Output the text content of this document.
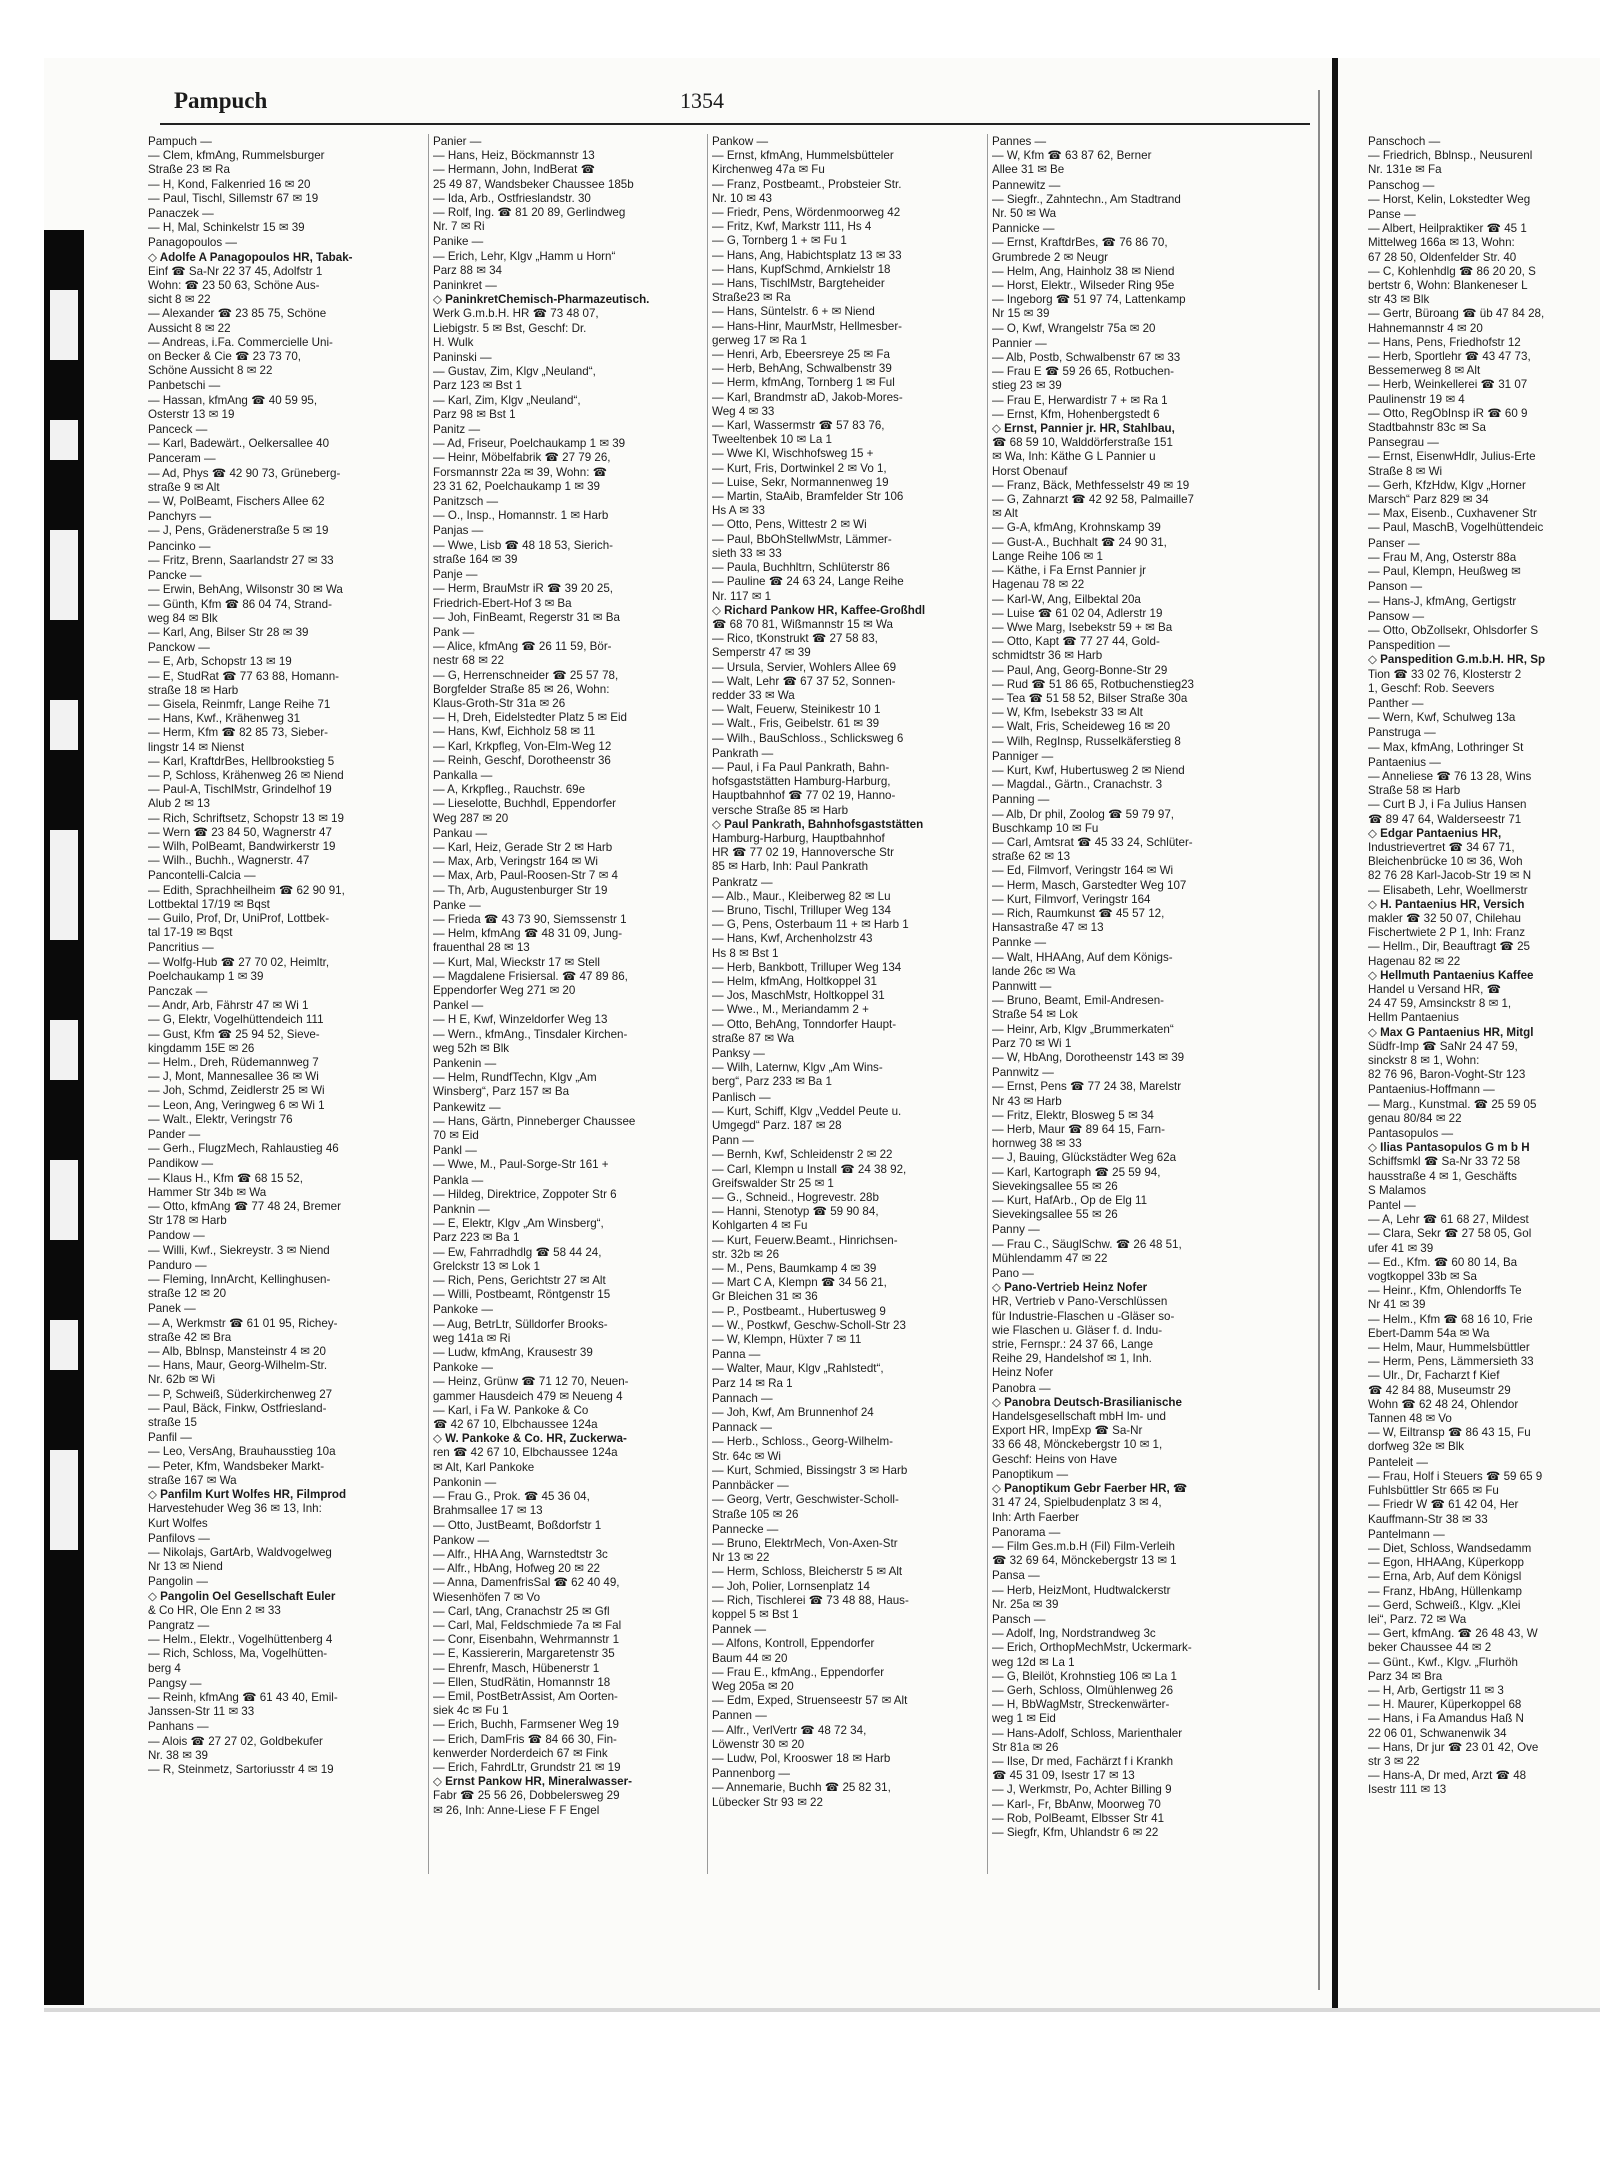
Pampuch	1354
Pampuch —
— Clem, kfmAng, Rummelsburger
Straße 23 ✉ Ra
— H, Kond, Falkenried 16 ✉ 20
— Paul, Tischl, Sillemstr 67 ✉ 19
Panaczek —
— H, Mal, Schinkelstr 15 ✉ 39
Panagopoulos —
◇ Adolfe A Panagopoulos HR, Tabak-
Einf ☎ Sa-Nr 22 37 45, Adolfstr 1
Wohn: ☎ 23 50 63, Schöne Aus-
sicht 8 ✉ 22
— Alexander ☎ 23 85 75, Schöne
Aussicht 8 ✉ 22
— Andreas, i.Fa. Commercielle Uni-
on Becker & Cie ☎ 23 73 70,
Schöne Aussicht 8 ✉ 22
Panbetschi —
— Hassan, kfmAng ☎ 40 59 95,
Osterstr 13 ✉ 19
Panceck —
— Karl, Badewärt., Oelkersallee 40
Panceram —
— Ad, Phys ☎ 42 90 73, Grüneberg-
straße 9 ✉ Alt
— W, PolBeamt, Fischers Allee 62
Panchyrs —
— J, Pens, Grädenerstraße 5 ✉ 19
Pancinko —
— Fritz, Brenn, Saarlandstr 27 ✉ 33
Pancke —
— Erwin, BehAng, Wilsonstr 30 ✉ Wa
— Günth, Kfm ☎ 86 04 74, Strand-
weg 84 ✉ Blk
— Karl, Ang, Bilser Str 28 ✉ 39
Panckow —
— E, Arb, Schopstr 13 ✉ 19
— E, StudRat ☎ 77 63 88, Homann-
straße 18 ✉ Harb
— Gisela, Reinmfr, Lange Reihe 71
— Hans, Kwf., Krähenweg 31
— Herm, Kfm ☎ 82 85 73, Sieber-
lingstr 14 ✉ Nienst
— Karl, KraftdrBes, Hellbrookstieg 5
— P, Schloss, Krähenweg 26 ✉ Niend
— Paul-A, TischlMstr, Grindelhof 19
Alub 2 ✉ 13
— Rich, Schriftsetz, Schopstr 13 ✉ 19
— Wern ☎ 23 84 50, Wagnerstr 47
— Wilh, PolBeamt, Bandwirkerstr 19
— Wilh., Buchh., Wagnerstr. 47
Pancontelli-Calcia —
— Edith, Sprachheilheim ☎ 62 90 91,
Lottbektal 17/19 ✉ Bqst
— Guilo, Prof, Dr, UniProf, Lottbek-
tal 17-19 ✉ Bqst
Pancritius —
— Wolfg-Hub ☎ 27 70 02, Heimltr,
Poelchaukamp 1 ✉ 39
Panczak —
— Andr, Arb, Fährstr 47 ✉ Wi 1
— G, Elektr, Vogelhüttendeich 111
— Gust, Kfm ☎ 25 94 52, Sieve-
kingdamm 15E ✉ 26
— Helm., Dreh, Rüdemannweg 7
— J, Mont, Mannesallee 36 ✉ Wi
— Joh, Schmd, Zeidlerstr 25 ✉ Wi
— Leon, Ang, Veringweg 6 ✉ Wi 1
— Walt., Elektr, Veringstr 76
Pander —
— Gerh., FlugzMech, Rahlaustieg 46
Pandikow —
— Klaus H., Kfm ☎ 68 15 52,
Hammer Str 34b ✉ Wa
— Otto, kfmAng ☎ 77 48 24, Bremer
Str 178 ✉ Harb
Pandow —
— Willi, Kwf., Siekreystr. 3 ✉ Niend
Panduro —
— Fleming, InnArcht, Kellinghusen-
straße 12 ✉ 20
Panek —
— A, Werkmstr ☎ 61 01 95, Richey-
straße 42 ✉ Bra
— Alb, Bblnsp, Mansteinstr 4 ✉ 20
— Hans, Maur, Georg-Wilhelm-Str.
Nr. 62b ✉ Wi
— P, Schweiß, Süderkirchenweg 27
— Paul, Bäck, Finkw, Ostfriesland-
straße 15
Panfil —
— Leo, VersAng, Brauhausstieg 10a
— Peter, Kfm, Wandsbeker Markt-
straße 167 ✉ Wa
◇ Panfilm Kurt Wolfes HR, Filmprod
Harvestehuder Weg 36 ✉ 13, Inh:
Kurt Wolfes
Panfilovs —
— Nikolajs, GartArb, Waldvogelweg
Nr 13 ✉ Niend
Pangolin —
◇ Pangolin Oel Gesellschaft Euler
& Co HR, Ole Enn 2 ✉ 33
Pangratz —
— Helm., Elektr., Vogelhüttenberg 4
— Rich, Schloss, Ma, Vogelhütten-
berg 4
Pangsy —
— Reinh, kfmAng ☎ 61 43 40, Emil-
Janssen-Str 11 ✉ 33
Panhans —
— Alois ☎ 27 27 02, Goldbekufer
Nr. 38 ✉ 39
— R, Steinmetz, Sartoriusstr 4 ✉ 19
Panier —
— Hans, Heiz, Böckmannstr 13
— Hermann, John, IndBerat ☎
25 49 87, Wandsbeker Chaussee 185b
— Ida, Arb., Ostfrieslandstr. 30
— Rolf, Ing. ☎ 81 20 89, Gerlindweg
Nr. 7 ✉ Ri
Panike —
— Erich, Lehr, Klgv „Hamm u Horn“
Parz 88 ✉ 34
Paninkret —
◇ PaninkretChemisch-Pharmazeutisch.
Werk G.m.b.H. HR ☎ 73 48 07,
Liebigstr. 5 ✉ Bst, Geschf: Dr.
H. Wulk
Paninski —
— Gustav, Zim, Klgv „Neuland“,
Parz 123 ✉ Bst 1
— Karl, Zim, Klgv „Neuland“,
Parz 98 ✉ Bst 1
Panitz —
— Ad, Friseur, Poelchaukamp 1 ✉ 39
— Heinr, Möbelfabrik ☎ 27 79 26,
Forsmannstr 22a ✉ 39, Wohn: ☎
23 31 62, Poelchaukamp 1 ✉ 39
Panitzsch —
— O., Insp., Homannstr. 1 ✉ Harb
Panjas —
— Wwe, Lisb ☎ 48 18 53, Sierich-
straße 164 ✉ 39
Panje —
— Herm, BrauMstr iR ☎ 39 20 25,
Friedrich-Ebert-Hof 3 ✉ Ba
— Joh, FinBeamt, Regerstr 31 ✉ Ba
Pank —
— Alice, kfmAng ☎ 26 11 59, Bör-
nestr 68 ✉ 22
— G, Herrenschneider ☎ 25 57 78,
Borgfelder Straße 85 ✉ 26, Wohn:
Klaus-Groth-Str 31a ✉ 26
— H, Dreh, Eidelstedter Platz 5 ✉ Eid
— Hans, Kwf, Eichholz 58 ✉ 11
— Karl, Krkpfleg, Von-Elm-Weg 12
— Reinh, Geschf, Dorotheenstr 36
Pankalla —
— A, Krkpfleg., Rauchstr. 69e
— Lieselotte, Buchhdl, Eppendorfer
Weg 287 ✉ 20
Pankau —
— Karl, Heiz, Gerade Str 2 ✉ Harb
— Max, Arb, Veringstr 164 ✉ Wi
— Max, Arb, Paul-Roosen-Str 7 ✉ 4
— Th, Arb, Augustenburger Str 19
Panke —
— Frieda ☎ 43 73 90, Siemssenstr 1
— Helm, kfmAng ☎ 48 31 09, Jung-
frauenthal 28 ✉ 13
— Kurt, Mal, Wieckstr 17 ✉ Stell
— Magdalene Frisiersal. ☎ 47 89 86,
Eppendorfer Weg 271 ✉ 20
Pankel —
— H E, Kwf, Winzeldorfer Weg 13
— Wern., kfmAng., Tinsdaler Kirchen-
weg 52h ✉ Blk
Pankenin —
— Helm, RundfTechn, Klgv „Am
Winsberg“, Parz 157 ✉ Ba
Pankewitz —
— Hans, Gärtn, Pinneberger Chaussee
70 ✉ Eid
Pankl —
— Wwe, M., Paul-Sorge-Str 161 +
Pankla —
— Hildeg, Direktrice, Zoppoter Str 6
Panknin —
— E, Elektr, Klgv „Am Winsberg“,
Parz 223 ✉ Ba 1
— Ew, Fahrradhdlg ☎ 58 44 24,
Grelckstr 13 ✉ Lok 1
— Rich, Pens, Gerichtstr 27 ✉ Alt
— Willi, Postbeamt, Röntgenstr 15
Pankoke —
— Aug, BetrLtr, Sülldorfer Brooks-
weg 141a ✉ Ri
— Ludw, kfmAng, Krausestr 39
Pankoke —
— Heinz, Grünw ☎ 71 12 70, Neuen-
gammer Hausdeich 479 ✉ Neueng 4
— Karl, i Fa W. Pankoke & Co
☎ 42 67 10, Elbchaussee 124a
◇ W. Pankoke & Co. HR, Zuckerwa-
ren ☎ 42 67 10, Elbchaussee 124a
✉ Alt, Karl Pankoke
Pankonin —
— Frau G., Prok. ☎ 45 36 04,
Brahmsallee 17 ✉ 13
— Otto, JustBeamt, Boßdorfstr 1
Pankow —
— Alfr., HHA Ang, Warnstedtstr 3c
— Alfr., HbAng, Hofweg 20 ✉ 22
— Anna, DamenfrisSal ☎ 62 40 49,
Wiesenhöfen 7 ✉ Vo
— Carl, tAng, Cranachstr 25 ✉ Gfl
— Carl, Mal, Feldschmiede 7a ✉ Fal
— Conr, Eisenbahn, Wehrmannstr 1
— E, Kassiererin, Margaretenstr 35
— Ehrenfr, Masch, Hübenerstr 1
— Ellen, StudRätin, Homannstr 18
— Emil, PostBetrAssist, Am Oorten-
siek 4c ✉ Fu 1
— Erich, Buchh, Farmsener Weg 19
— Erich, DamFris ☎ 84 66 30, Fin-
kenwerder Norderdeich 67 ✉ Fink
— Erich, FahrdLtr, Grundstr 21 ✉ 19
◇ Ernst Pankow HR, Mineralwasser-
Fabr ☎ 25 56 26, Dobbelersweg 29
✉ 26, Inh: Anne-Liese F F Engel
Pankow —
— Ernst, kfmAng, Hummelsbütteler
Kirchenweg 47a ✉ Fu
— Franz, Postbeamt., Probsteier Str.
Nr. 10 ✉ 43
— Friedr, Pens, Wördenmoorweg 42
— Fritz, Kwf, Markstr 111, Hs 4
— G, Tornberg 1 + ✉ Fu 1
— Hans, Ang, Habichtsplatz 13 ✉ 33
— Hans, KupfSchmd, Arnkielstr 18
— Hans, TischlMstr, Bargteheider
Straße23 ✉ Ra
— Hans, Süntelstr. 6 + ✉ Niend
— Hans-Hinr, MaurMstr, Hellmesber-
gerweg 17 ✉ Ra 1
— Henri, Arb, Ebeersreye 25 ✉ Fa
— Herb, BehAng, Schwalbenstr 39
— Herm, kfmAng, Tornberg 1 ✉ Ful
— Karl, Brandmstr aD, Jakob-Mores-
Weg 4 ✉ 33
— Karl, Wassermstr ☎ 57 83 76,
Tweeltenbek 10 ✉ La 1
— Wwe Kl, Wischhofsweg 15 +
— Kurt, Fris, Dortwinkel 2 ✉ Vo 1,
— Luise, Sekr, Normannenweg 19
— Martin, StaAib, Bramfelder Str 106
Hs A ✉ 33
— Otto, Pens, Wittestr 2 ✉ Wi
— Paul, BbOhStellwMstr, Lämmer-
sieth 33 ✉ 33
— Paula, Buchhltrn, Schlüterstr 86
— Pauline ☎ 24 63 24, Lange Reihe
Nr. 117 ✉ 1
◇ Richard Pankow HR, Kaffee-Großhdl
☎ 68 70 81, Wißmannstr 15 ✉ Wa
— Rico, tKonstrukt ☎ 27 58 83,
Semperstr 47 ✉ 39
— Ursula, Servier, Wohlers Allee 69
— Walt, Lehr ☎ 67 37 52, Sonnen-
redder 33 ✉ Wa
— Walt, Feuerw, Steinikestr 10 1
— Walt., Fris, Geibelstr. 61 ✉ 39
— Wilh., BauSchloss., Schlicksweg 6
Pankrath —
— Paul, i Fa Paul Pankrath, Bahn-
hofsgaststätten Hamburg-Harburg,
Hauptbahnhof ☎ 77 02 19, Hanno-
versche Straße 85 ✉ Harb
◇ Paul Pankrath, Bahnhofsgaststätten
Hamburg-Harburg, Hauptbahnhof
HR ☎ 77 02 19, Hannoversche Str
85 ✉ Harb, Inh: Paul Pankrath
Pankratz —
— Alb., Maur., Kleiberweg 82 ✉ Lu
— Bruno, Tischl, Trilluper Weg 134
— G, Pens, Osterbaum 11 + ✉ Harb 1
— Hans, Kwf, Archenholzstr 43
Hs 8 ✉ Bst 1
— Herb, Bankbott, Trilluper Weg 134
— Helm, kfmAng, Holtkoppel 31
— Jos, MaschMstr, Holtkoppel 31
— Wwe., M., Meriandamm 2 +
— Otto, BehAng, Tonndorfer Haupt-
straße 87 ✉ Wa
Panksy —
— Wilh, Laternw, Klgv „Am Wins-
berg“, Parz 233 ✉ Ba 1
Panlisch —
— Kurt, Schiff, Klgv „Veddel Peute u.
Umgegd“ Parz. 187 ✉ 28
Pann —
— Bernh, Kwf, Schleidenstr 2 ✉ 22
— Carl, Klempn u Install ☎ 24 38 92,
Greifswalder Str 25 ✉ 1
— G., Schneid., Hogrevestr. 28b
— Hanni, Stenotyp ☎ 59 90 84,
Kohlgarten 4 ✉ Fu
— Kurt, Feuerw.Beamt., Hinrichsen-
str. 32b ✉ 26
— M., Pens, Baumkamp 4 ✉ 39
— Mart C A, Klempn ☎ 34 56 21,
Gr Bleichen 31 ✉ 36
— P., Postbeamt., Hubertusweg 9
— W., Postkwf, Geschw-Scholl-Str 23
— W, Klempn, Hüxter 7 ✉ 11
Panna —
— Walter, Maur, Klgv „Rahlstedt“,
Parz 14 ✉ Ra 1
Pannach —
— Joh, Kwf, Am Brunnenhof 24
Pannack —
— Herb., Schloss., Georg-Wilhelm-
Str. 64c ✉ Wi
— Kurt, Schmied, Bissingstr 3 ✉ Harb
Pannbäcker —
— Georg, Vertr, Geschwister-Scholl-
Straße 105 ✉ 26
Pannecke —
— Bruno, ElektrMech, Von-Axen-Str
Nr 13 ✉ 22
— Herm, Schloss, Bleicherstr 5 ✉ Alt
— Joh, Polier, Lornsenplatz 14
— Rich, Tischlerei ☎ 73 48 88, Haus-
koppel 5 ✉ Bst 1
Pannek —
— Alfons, Kontroll, Eppendorfer
Baum 44 ✉ 20
— Frau E., kfmAng., Eppendorfer
Weg 205a ✉ 20
— Edm, Exped, Struenseestr 57 ✉ Alt
Pannen —
— Alfr., VerlVertr ☎ 48 72 34,
Löwenstr 30 ✉ 20
— Ludw, Pol, Krooswег 18 ✉ Harb
Pannenborg —
— Annemarie, Buchh ☎ 25 82 31,
Lübecker Str 93 ✉ 22
Pannes —
— W, Kfm ☎ 63 87 62, Berner
Allee 31 ✉ Be
Pannewitz —
— Siegfr., Zahntechn., Am Stadtrand
Nr. 50 ✉ Wa
Pannicke —
— Ernst, KraftdrBes, ☎ 76 86 70,
Grumbrede 2 ✉ Neugr
— Helm, Ang, Hainholz 38 ✉ Niend
— Horst, Elektr., Wilseder Ring 95e
— Ingeborg ☎ 51 97 74, Lattenkamp
Nr 15 ✉ 39
— O, Kwf, Wrangelstr 75a ✉ 20
Pannier —
— Alb, Postb, Schwalbenstr 67 ✉ 33
— Frau E ☎ 59 26 65, Rotbuchen-
stieg 23 ✉ 39
— Frau E, Herwardistr 7 + ✉ Ra 1
— Ernst, Kfm, Hohenbergstedt 6
◇ Ernst, Pannier jr. HR, Stahlbau,
☎ 68 59 10, Walddörferstraße 151
✉ Wa, Inh: Käthe G L Pannier u
Horst Obenauf
— Franz, Bäck, Methfesselstr 49 ✉ 19
— G, Zahnarzt ☎ 42 92 58, Palmaille7
✉ Alt
— G-A, kfmAng, Krohnskamp 39
— Gust-A., Buchhalt ☎ 24 90 31,
Lange Reihe 106 ✉ 1
— Käthe, i Fa Ernst Pannier jr
Hagenau 78 ✉ 22
— Karl-W, Ang, Eilbektal 20a
— Luise ☎ 61 02 04, Adlerstr 19
— Wwe Marg, Isebekstr 59 + ✉ Ba
— Otto, Kapt ☎ 77 27 44, Gold-
schmidtstr 36 ✉ Harb
— Paul, Ang, Georg-Bonne-Str 29
— Rud ☎ 51 86 65, Rotbuchenstieg23
— Tea ☎ 51 58 52, Bilser Straße 30a
— W, Kfm, Isebekstr 33 ✉ Alt
— Walt, Fris, Scheideweg 16 ✉ 20
— Wilh, RegInsp, Russelkäferstieg 8
Panniger —
— Kurt, Kwf, Hubertusweg 2 ✉ Niend
— Magdal., Gärtn., Cranachstr. 3
Panning —
— Alb, Dr phil, Zoolog ☎ 59 79 97,
Buschkamp 10 ✉ Fu
— Carl, Amtsrat ☎ 45 33 24, Schlüter-
straße 62 ✉ 13
— Ed, Filmvorf, Veringstr 164 ✉ Wi
— Herm, Masch, Garstedter Weg 107
— Kurt, Filmvorf, Veringstr 164
— Rich, Raumkunst ☎ 45 57 12,
Hansastraße 47 ✉ 13
Pannke —
— Walt, HHAAng, Auf dem Königs-
lande 26c ✉ Wa
Pannwitt —
— Bruno, Beamt, Emil-Andresen-
Straße 54 ✉ Lok
— Heinr, Arb, Klgv „Brummerkaten“
Parz 70 ✉ Wi 1
— W, HbAng, Dorotheenstr 143 ✉ 39
Pannwitz —
— Ernst, Pens ☎ 77 24 38, Marelstr
Nr 43 ✉ Harb
— Fritz, Elektr, Blosweg 5 ✉ 34
— Herb, Maur ☎ 89 64 15, Farn-
hornweg 38 ✉ 33
— J, Bauing, Glückstädter Weg 62a
— Karl, Kartograph ☎ 25 59 94,
Sievekingsallee 55 ✉ 26
— Kurt, HafArb., Op de Elg 11
Sievekingsallee 55 ✉ 26
Panny —
— Frau C., SäuglSchw. ☎ 26 48 51,
Mühlendamm 47 ✉ 22
Pano —
◇ Pano-Vertrieb Heinz Nofer
HR, Vertrieb v Pano-Verschlüssen
für Industrie-Flaschen u -Gläser so-
wie Flaschen u. Gläser f. d. Indu-
strie, Fernspr.: 24 37 66, Lange
Reihe 29, Handelshof ✉ 1, Inh.
Heinz Nofer
Panobra —
◇ Panobra Deutsch-Brasilianische
Handelsgesellschaft mbH Im- und
Export HR, ImpExp ☎ Sa-Nr
33 66 48, Mönckebergstr 10 ✉ 1,
Geschf: Heins von Have
Panoptikum —
◇ Panoptikum Gebr Faerber HR, ☎
31 47 24, Spielbudenplatz 3 ✉ 4,
Inh: Arth Faerber
Panorama —
— Film Ges.m.b.H (Fil) Film-Verleih
☎ 32 69 64, Mönckebergstr 13 ✉ 1
Pansa —
— Herb, HeizMont, Hudtwalckerstr
Nr. 25a ✉ 39
Pansch —
— Adolf, Ing, Nordstrandweg 3c
— Erich, OrthopMechMstr, Uckermark-
weg 12d ✉ La 1
— G, Bleilöt, Krohnstieg 106 ✉ La 1
— Gerh, Schloss, Olmühlenweg 26
— H, BbWagMstr, Streckenwärter-
weg 1 ✉ Eid
— Hans-Adolf, Schloss, Marienthaler
Str 81a ✉ 26
— Ilse, Dr med, Fachärzt f i Krankh
☎ 45 31 09, Isestr 17 ✉ 13
— J, Werkmstr, Po, Achter Billing 9
— Karl-, Fr, BbAnw, Moorweg 70
— Rob, PolBeamt, Elbsser Str 41
— Siegfr, Kfm, Uhlandstr 6 ✉ 22
Panschoch —
— Friedrich, Bblnsp., Neusurenl
Nr. 131e ✉ Fa
Panschog —
— Horst, Kelin, Lokstedter Weg
Panse —
— Albert, Heilpraktiker ☎ 45 1
Mittelweg 166a ✉ 13, Wohn:
67 28 50, Oldenfelder Str. 40
— C, Kohlenhdlg ☎ 86 20 20, S
bertstr 6, Wohn: Blankeneser L
str 43 ✉ Blk
— Gertr, Büroang ☎ üb 47 84 28,
Hahnemannstr 4 ✉ 20
— Hans, Pens, Friedhofstr 12
— Herb, Sportlehr ☎ 43 47 73,
Bessemerweg 8 ✉ Alt
— Herb, Weinkellerei ☎ 31 07
Paulinenstr 19 ✉ 4
— Otto, RegObInsp iR ☎ 60 9
Stadtbahnstr 83c ✉ Sa
Pansegrau —
— Ernst, EisenwHdlr, Julius-Erte
Straße 8 ✉ Wi
— Gerh, KfzHdw, Klgv „Horner
Marsch“ Parz 829 ✉ 34
— Max, Eisenb., Cuxhavener Str
— Paul, MaschB, Vogelhüttendeic
Panser —
— Frau M, Ang, Osterstr 88a
— Paul, Klempn, Heußweg ✉
Panson —
— Hans-J, kfmAng, Gertigstr
Pansow —
— Otto, ObZollsekr, Ohlsdorfer S
Panspedition —
◇ Panspedition G.m.b.H. HR, Sp
Tion ☎ 33 02 76, Klosterstr 2
1, Geschf: Rob. Seevers
Panther —
— Wern, Kwf, Schulweg 13a
Panstruga —
— Max, kfmAng, Lothringer St
Pantaenius —
— Anneliese ☎ 76 13 28, Wins
Straße 58 ✉ Harb
— Curt B J, i Fa Julius Hansen
☎ 89 47 64, Walderseestr 71
◇ Edgar Pantaenius HR,
Industrievertret ☎ 34 67 71,
Bleichenbrücke 10 ✉ 36, Woh
82 76 28 Karl-Jacob-Str 19 ✉ N
— Elisabeth, Lehr, Woellmerstr
◇ H. Pantaenius HR, Versich
makler ☎ 32 50 07, Chilehau
Fischertwiete 2 P 1, Inh: Franz
— Hellm., Dir, Beauftragt ☎ 25
Hagenau 82 ✉ 22
◇ Hellmuth Pantaenius Kaffee
Handel u Versand HR, ☎
24 47 59, Amsinckstr 8 ✉ 1,
Hellm Pantaenius
◇ Max G Pantaenius HR, Mitgl
Südfr-Imp ☎ SaNr 24 47 59,
sinckstr 8 ✉ 1, Wohn:
82 76 96, Baron-Voght-Str 123
Pantaenius-Hoffmann —
— Marg., Kunstmal. ☎ 25 59 05
genau 80/84 ✉ 22
Pantasopulos —
◇ Ilias Pantasopulos G m b H
Schiffsmkl ☎ Sa-Nr 33 72 58
hausstraße 4 ✉ 1, Geschäfts
S Malamos
Pantel —
— A, Lehr ☎ 61 68 27, Mildest
— Clara, Sekr ☎ 27 58 05, Gol
ufer 41 ✉ 39
— Ed., Kfm. ☎ 60 80 14, Ba
vogtkoppel 33b ✉ Sa
— Heinr., Kfm, Ohlendorffs Te
Nr 41 ✉ 39
— Helm., Kfm ☎ 68 16 10, Frie
Ebert-Damm 54a ✉ Wa
— Helm, Maur, Hummelsbüttler
— Herm, Pens, Lämmersieth 33
— Ulr., Dr, Facharzt f Kief
☎ 42 84 88, Museumstr 29
Wohn ☎ 62 48 24, Ohlendor
Tannen 48 ✉ Vo
— W, Eiltransp ☎ 86 43 15, Fu
dorfweg 32e ✉ Blk
Panteleit —
— Frau, Holf i Steuers ☎ 59 65 9
Fuhlsbüttler Str 665 ✉ Fu
— Friedr W ☎ 61 42 04, Her
Kauffmann-Str 38 ✉ 33
Pantelmann —
— Diet, Schloss, Wandsedamm
— Egon, HHAAng, Küperkopp
— Erna, Arb, Auf dem Königsl
— Franz, HbAng, Hüllenkamp
— Gerd, Schweiß., Klgv. „Klei
lei“, Parz. 72 ✉ Wa
— Gert, kfmAng. ☎ 26 48 43, W
beker Chaussee 44 ✉ 2
— Günt., Kwf., Klgv. „Flurhöh
Parz 34 ✉ Bra
— H, Arb, Gertigstr 11 ✉ 3
— H. Maurer, Küperkoppel 68
— Hans, i Fa Amandus Haß N
22 06 01, Schwanenwik 34
— Hans, Dr jur ☎ 23 01 42, Ove
str 3 ✉ 22
— Hans-A, Dr med, Arzt ☎ 48
Isestr 111 ✉ 13
